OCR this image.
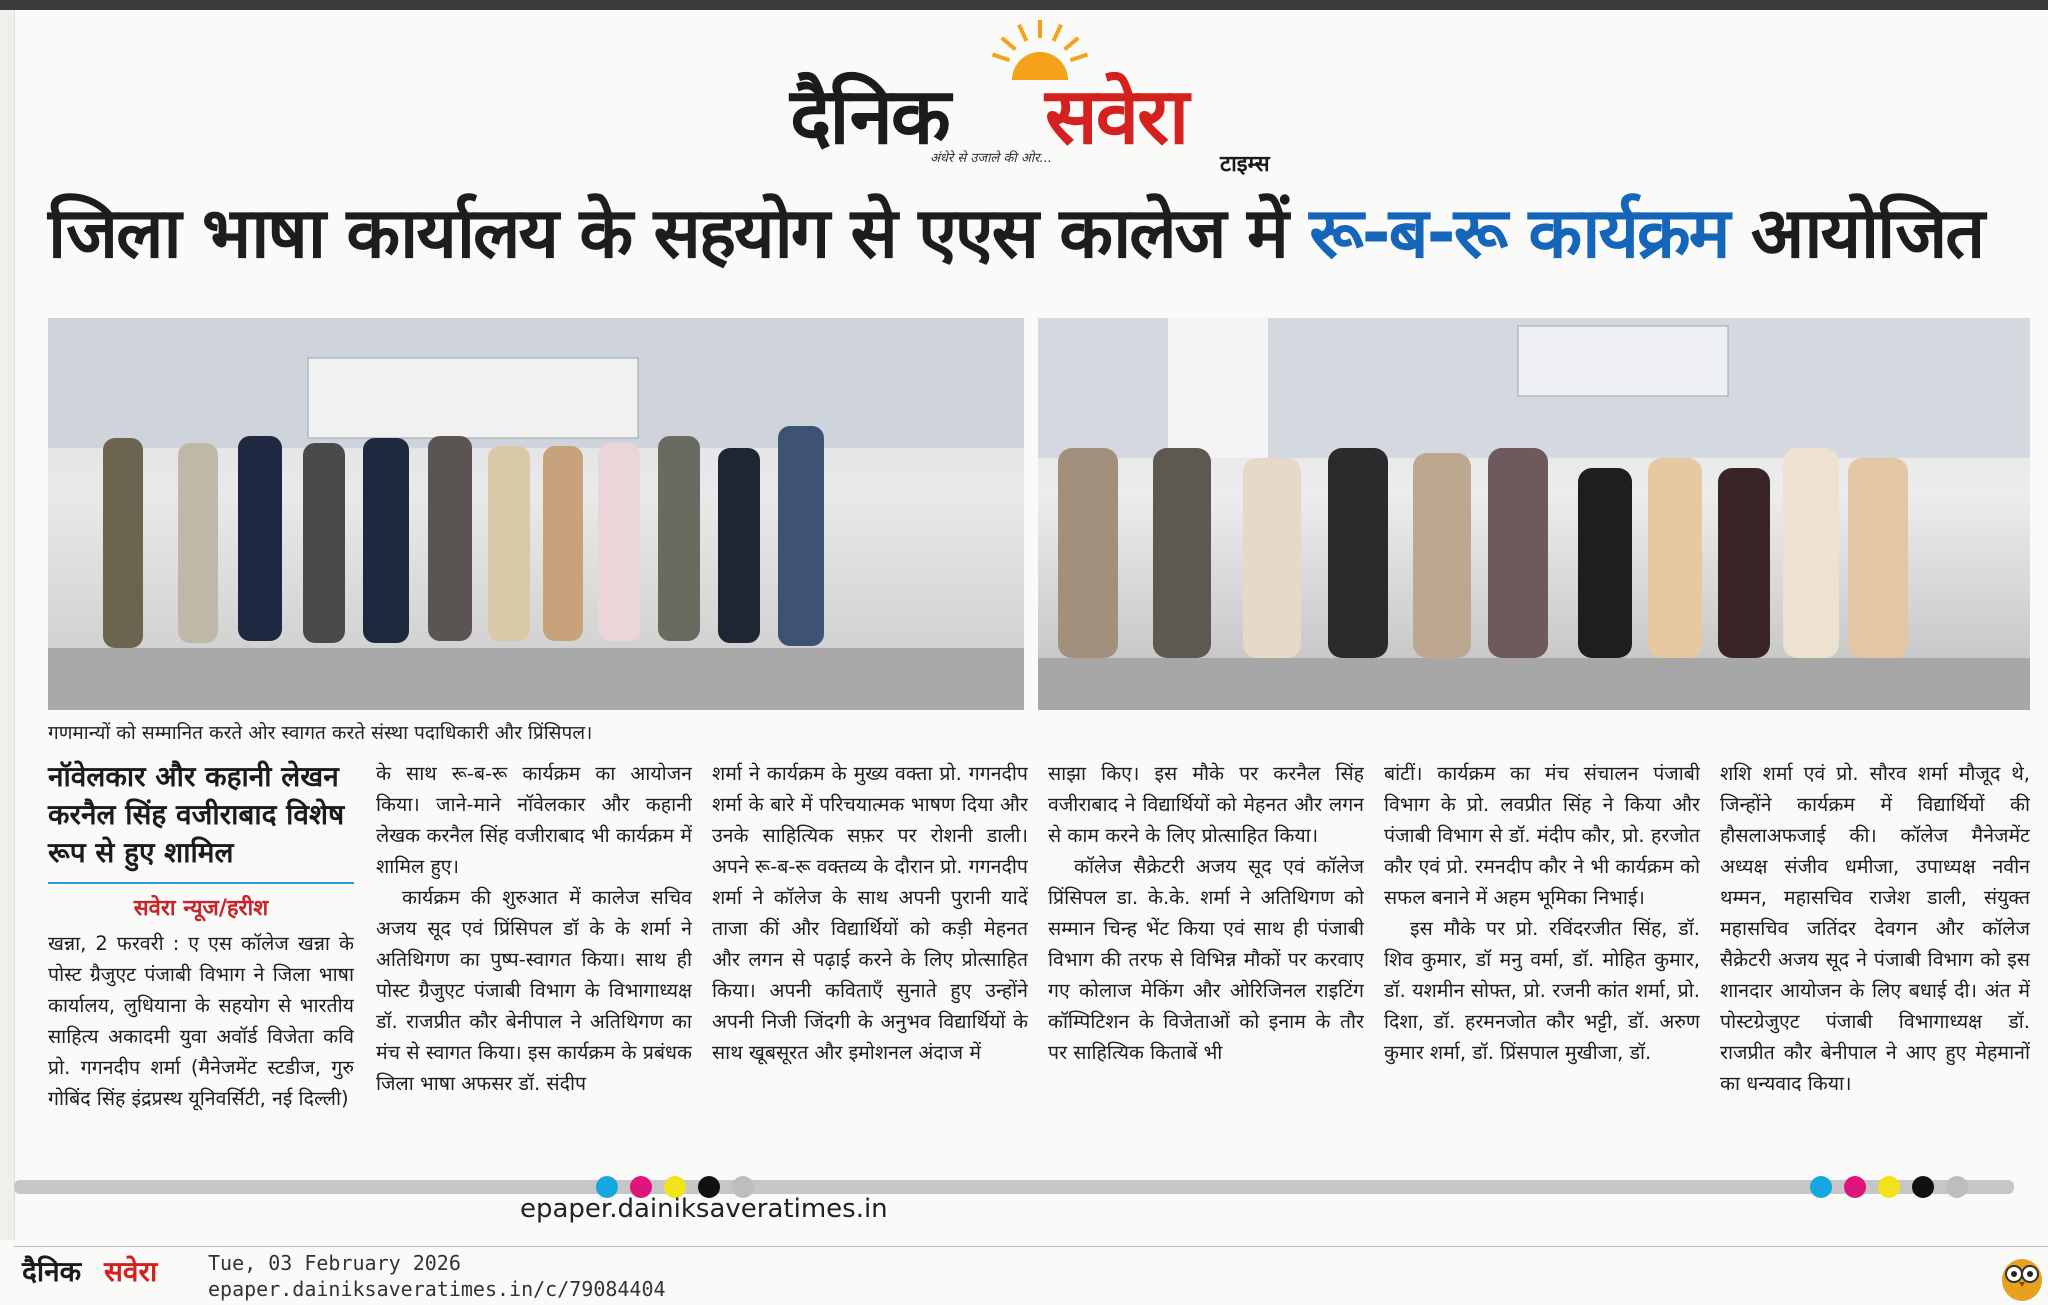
दैनिक सवेरा
अंधेरे से उजाले की ओर...	टाइम्स
जिला भाषा कार्यालय के सहयोग से एएस कालेज में रू-ब-रू कार्यक्रम आयोजित
गणमान्यों को सम्मानित करते ओर स्वागत करते संस्था पदाधिकारी और प्रिंसिपल।
नॉवेलकार और कहानी लेखन करनैल सिंह वजीराबाद विशेष रूप से हुए शामिल
सवेरा न्यूज/हरीश

खन्ना, 2 फरवरी : ए एस कॉलेज खन्ना के पोस्ट ग्रैजुएट पंजाबी विभाग ने जिला भाषा कार्यालय, लुधियाना के सहयोग से भारतीय साहित्य अकादमी युवा अवॉर्ड विजेता कवि प्रो. गगनदीप शर्मा (मैनेजमेंट स्टडीज, गुरु गोबिंद सिंह इंद्रप्रस्थ यूनिवर्सिटी, नई दिल्ली)

के साथ रू-ब-रू कार्यक्रम का आयोजन किया। जाने-माने नॉवेलकार और कहानी लेखक करनैल सिंह वजीराबाद भी कार्यक्रम में शामिल हुए।

कार्यक्रम की शुरुआत में कालेज सचिव अजय सूद एवं प्रिंसिपल डॉ के के शर्मा ने अतिथिगण का पुष्प-स्वागत किया। साथ ही पोस्ट ग्रैजुएट पंजाबी विभाग के विभागाध्यक्ष डॉ. राजप्रीत कौर बेनीपाल ने अतिथिगण का मंच से स्वागत किया। इस कार्यक्रम के प्रबंधक जिला भाषा अफसर डॉ. संदीप

शर्मा ने कार्यक्रम के मुख्य वक्ता प्रो. गगनदीप शर्मा के बारे में परिचयात्मक भाषण दिया और उनके साहित्यिक सफ़र पर रोशनी डाली। अपने रू-ब-रू वक्तव्य के दौरान प्रो. गगनदीप शर्मा ने कॉलेज के साथ अपनी पुरानी यादें ताजा कीं और विद्यार्थियों को कड़ी मेहनत और लगन से पढ़ाई करने के लिए प्रोत्साहित किया। अपनी कविताएँ सुनाते हुए उन्होंने अपनी निजी जिंदगी के अनुभव विद्यार्थियों के साथ खूबसूरत और इमोशनल अंदाज में

साझा किए। इस मौके पर करनैल सिंह वजीराबाद ने विद्यार्थियों को मेहनत और लगन से काम करने के लिए प्रोत्साहित किया।

कॉलेज सैक्रेटरी अजय सूद एवं कॉलेज प्रिंसिपल डा. के.के. शर्मा ने अतिथिगण को सम्मान चिन्ह भेंट किया एवं साथ ही पंजाबी विभाग की तरफ से विभिन्न मौकों पर करवाए गए कोलाज मेकिंग और ओरिजिनल राइटिंग कॉम्पिटिशन के विजेताओं को इनाम के तौर पर साहित्यिक किताबें भी

बांटीं। कार्यक्रम का मंच संचालन पंजाबी विभाग के प्रो. लवप्रीत सिंह ने किया और पंजाबी विभाग से डॉ. मंदीप कौर, प्रो. हरजोत कौर एवं प्रो. रमनदीप कौर ने भी कार्यक्रम को सफल बनाने में अहम भूमिका निभाई।

इस मौके पर प्रो. रविंदरजीत सिंह, डॉ. शिव कुमार, डॉ मनु वर्मा, डॉ. मोहित कुमार, डॉ. यशमीन सोफ्त, प्रो. रजनी कांत शर्मा, प्रो. दिशा, डॉ. हरमनजोत कौर भट्टी, डॉ. अरुण कुमार शर्मा, डॉ. प्रिंसपाल मुखीजा, डॉ.

शशि शर्मा एवं प्रो. सौरव शर्मा मौजूद थे, जिन्होंने कार्यक्रम में विद्यार्थियों की हौसलाअफजाई की। कॉलेज मैनेजमेंट अध्यक्ष संजीव धमीजा, उपाध्यक्ष नवीन थम्मन, महासचिव राजेश डाली, संयुक्त महासचिव जतिंदर देवगन और कॉलेज सैक्रेटरी अजय सूद ने पंजाबी विभाग को इस शानदार आयोजन के लिए बधाई दी। अंत में पोस्टग्रेजुएट पंजाबी विभागाध्यक्ष डॉ. राजप्रीत कौर बेनीपाल ने आए हुए मेहमानों का धन्यवाद किया।

epaper.dainiksaveratimes.in
दैनिक सवेरा	Tue, 03 February 2026
epaper.dainiksaveratimes.in/c/79084404
